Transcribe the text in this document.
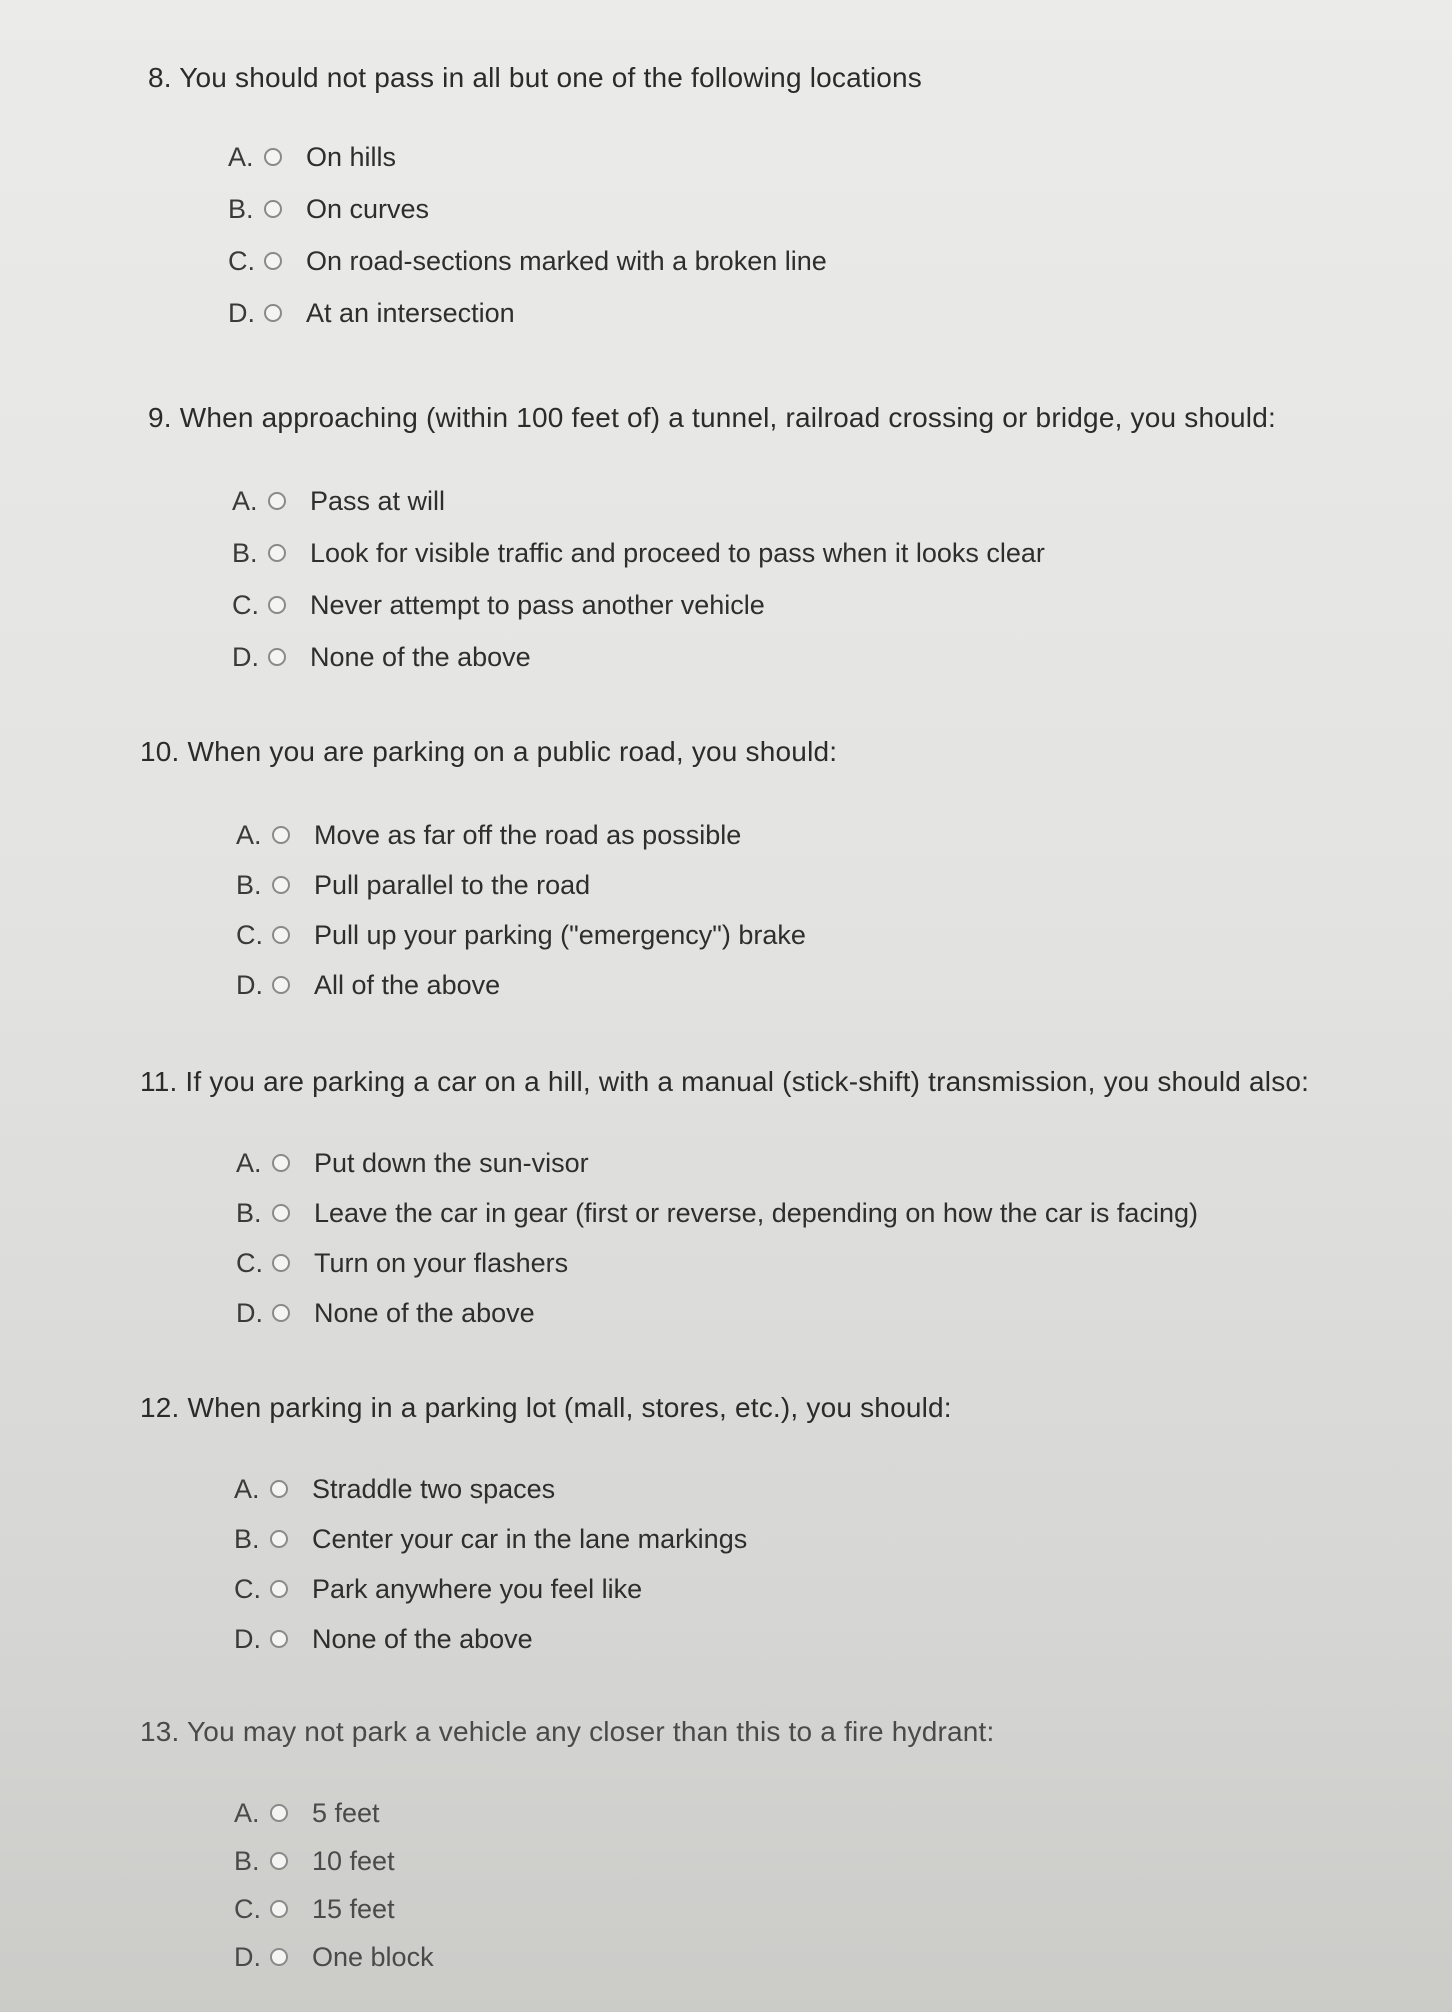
8. You should not pass in all but one of the following locations
A.	On hills
B.	On curves
C. On road-sections marked with a broken line
D. At an intersection
9. When approaching (within 100 feet of) a tunnel, railroad crossing or bridge, you should:
A.	Pass at will
B.	Look for visible traffic and proceed to pass when it looks clear
C. Never attempt to pass another vehicle
D. None of the above
10. When you are parking on a public road, you should:
A.	Move as far off the road as possible
B.	Pull parallel to the road
C. Pull up your parking ("emergency") brake
D. All of the above
11. If you are parking a car on a hill, with a manual (stick-shift) transmission, you should also:
A.	Put down the sun-visor
B.	Leave the car in gear (first or reverse, depending on how the car is facing)
C. Turn on your flashers
D. None of the above
12. When parking in a parking lot (mall, stores, etc.), you should:
A.	Straddle two spaces
B.	Center your car in the lane markings
C. Park anywhere you feel like
D. None of the above
13. You may not park a vehicle any closer than this to a fire hydrant:
A.	5 feet
B.	10 feet
C. 15 feet
D. One block
